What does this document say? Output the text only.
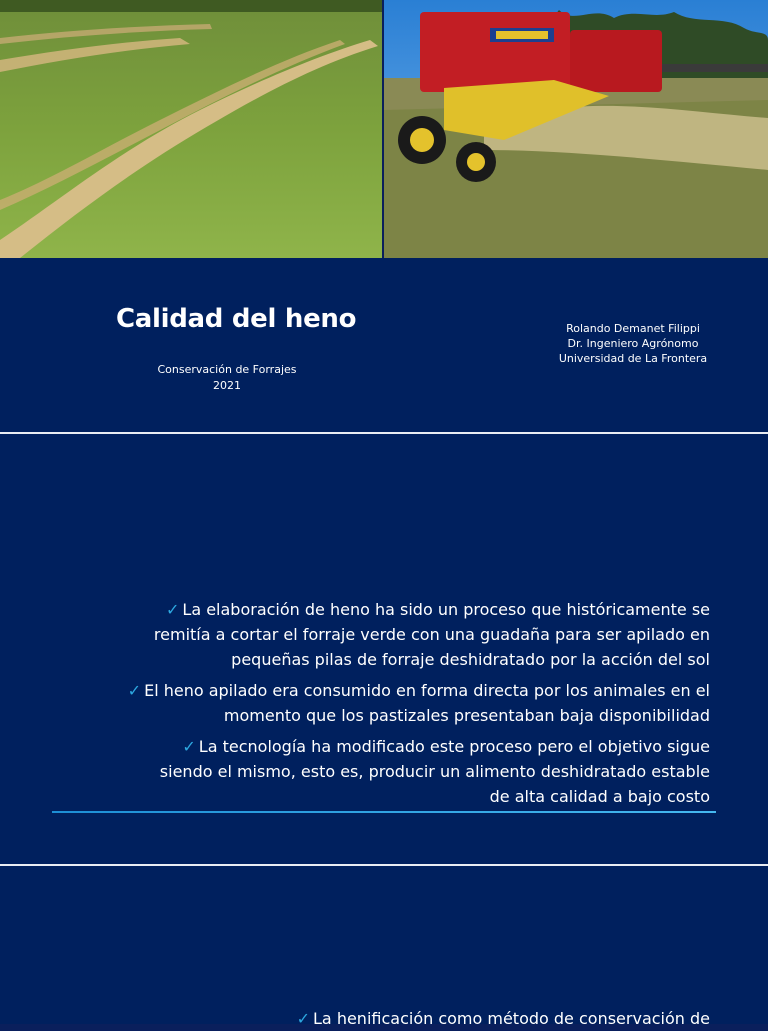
Calidad del heno
Conservación de Forrajes
2021
Rolando Demanet Filippi
Dr. Ingeniero Agrónomo
Universidad de La Frontera
✓ La elaboración de heno ha sido un proceso que históricamente se
remitía a cortar el forraje verde con una guadaña para ser apilado en
pequeñas pilas de forraje deshidratado por la acción del sol
✓ El heno apilado era consumido en forma directa por los animales en el
momento que los pastizales presentaban baja disponibilidad
✓ La tecnología ha modificado este proceso pero el objetivo sigue
siendo el mismo, esto es, producir un alimento deshidratado estable
de alta calidad a bajo costo
✓ La henificación como método de conservación de
